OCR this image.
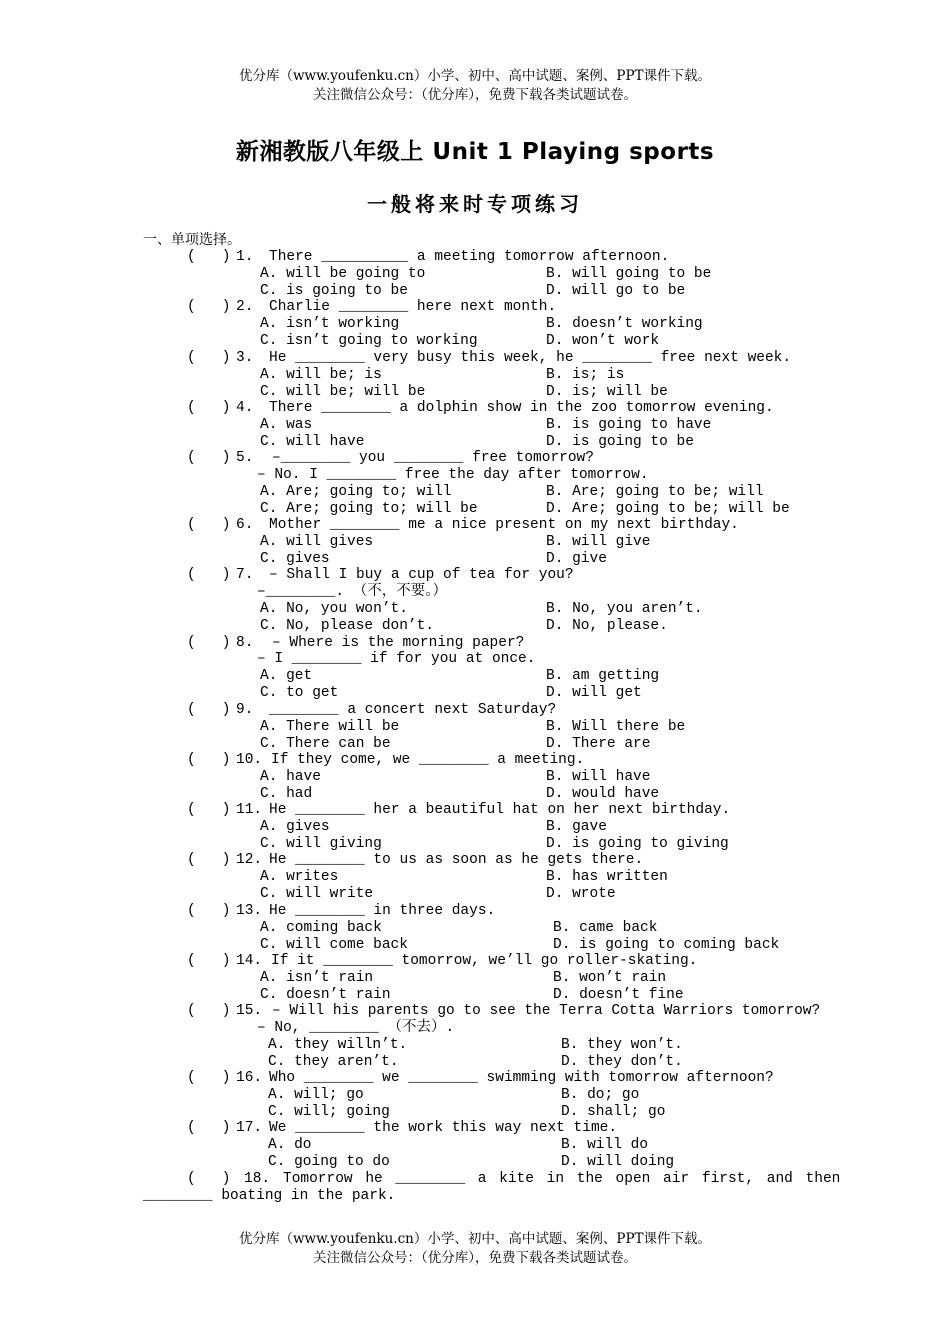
优分库（www.youfenku.cn）小学、初中、高中试题、案例、PPT课件下载。
关注微信公众号：（优分库），免费下载各类试题试卷。
新湘教版八年级上 Unit 1 Playing sports
一般将来时专项练习
一、单项选择。
(   ) 1. There __________ a meeting tomorrow afternoon.
A. will be going to	B. will going to be
C. is going to be	D. will go to be
(   ) 2. Charlie ________ here next month.
A. isn’t working	B. doesn’t working
C. isn’t going to working	D. won’t work
(   ) 3. He ________ very busy this week, he ________ free next week.
A. will be; is	B. is; is
C. will be; will be	D. is; will be
(   ) 4. There ________ a dolphin show in the zoo tomorrow evening.
A. was	B. is going to have
C. will have	D. is going to be
(   ) 5. –________ you ________ free tomorrow?
– No. I ________ free the day after tomorrow.
A. Are; going to; will	B. Are; going to be; will
C. Are; going to; will be	D. Are; going to be; will be
(   ) 6. Mother ________ me a nice present on my next birthday.
A. will gives	B. will give
C. gives	D. give
(   ) 7. – Shall I buy a cup of tea for you?
–________. （不，不要。）
A. No, you won’t.	B. No, you aren’t.
C. No, please don’t.	D. No, please.
(   ) 8. – Where is the morning paper?
– I ________ if for you at once.
A. get	B. am getting
C. to get	D. will get
(   ) 9. ________ a concert next Saturday?
A. There will be	B. Will there be
C. There can be	D. There are
(   ) 10. If they come, we ________ a meeting.
A. have	B. will have
C. had	D. would have
(   ) 11. He ________ her a beautiful hat on her next birthday.
A. gives	B. gave
C. will giving	D. is going to giving
(   ) 12. He ________ to us as soon as he gets there.
A. writes	B. has written
C. will write	D. wrote
(   ) 13. He ________ in three days.
A. coming back	B. came back
C. will come back	D. is going to coming back
(   ) 14. If it ________ tomorrow, we’ll go roller-skating.
A. isn’t rain	B. won’t rain
C. doesn’t rain	D. doesn’t fine
(   ) 15. – Will his parents go to see the Terra Cotta Warriors tomorrow?
– No, ________ （不去）.
A. they willn’t.	B. they won’t.
C. they aren’t.	D. they don’t.
(   ) 16. Who ________ we ________ swimming with tomorrow afternoon?
A. will; go	B. do; go
C. will; going	D. shall; go
(   ) 17. We ________ the work this way next time.
A. do	B. will do
C. going to do	D. will doing
(   ) 18. Tomorrow he ________ a kite in the open air first, and then
________ boating in the park.
优分库（www.youfenku.cn）小学、初中、高中试题、案例、PPT课件下载。
关注微信公众号：（优分库），免费下载各类试题试卷。
